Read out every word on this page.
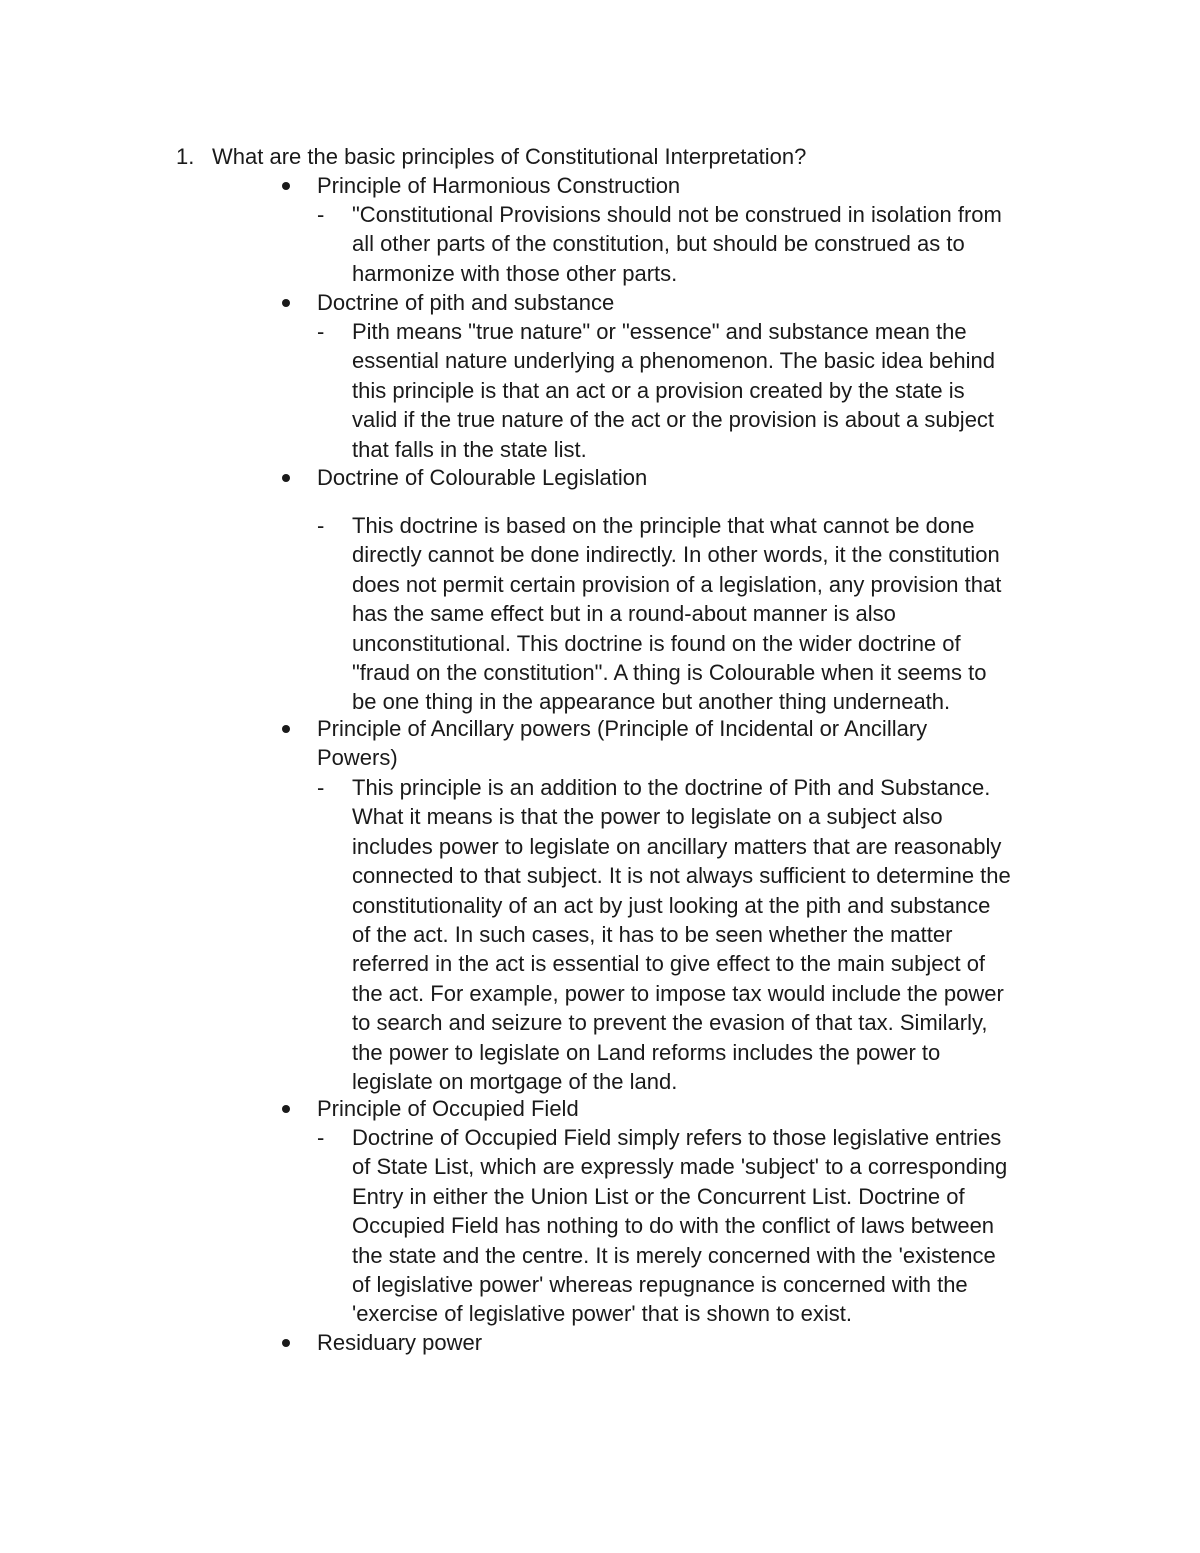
1. What are the basic principles of Constitutional Interpretation?
Principle of Harmonious Construction
- "Constitutional Provisions should not be construed in isolation from
all other parts of the constitution, but should be construed as to
harmonize with those other parts.
Doctrine of pith and substance
- Pith means "true nature" or "essence" and substance mean the
essential nature underlying a phenomenon. The basic idea behind
this principle is that an act or a provision created by the state is
valid if the true nature of the act or the provision is about a subject
that falls in the state list.
Doctrine of Colourable Legislation
- This doctrine is based on the principle that what cannot be done
directly cannot be done indirectly. In other words, it the constitution
does not permit certain provision of a legislation, any provision that
has the same effect but in a round-about manner is also
unconstitutional. This doctrine is found on the wider doctrine of
"fraud on the constitution". A thing is Colourable when it seems to
be one thing in the appearance but another thing underneath.
Principle of Ancillary powers (Principle of Incidental or Ancillary
Powers)
- This principle is an addition to the doctrine of Pith and Substance.
What it means is that the power to legislate on a subject also
includes power to legislate on ancillary matters that are reasonably
connected to that subject. It is not always sufficient to determine the
constitutionality of an act by just looking at the pith and substance
of the act. In such cases, it has to be seen whether the matter
referred in the act is essential to give effect to the main subject of
the act. For example, power to impose tax would include the power
to search and seizure to prevent the evasion of that tax. Similarly,
the power to legislate on Land reforms includes the power to
legislate on mortgage of the land.
Principle of Occupied Field
- Doctrine of Occupied Field simply refers to those legislative entries
of State List, which are expressly made 'subject' to a corresponding
Entry in either the Union List or the Concurrent List. Doctrine of
Occupied Field has nothing to do with the conflict of laws between
the state and the centre. It is merely concerned with the 'existence
of legislative power' whereas repugnance is concerned with the
'exercise of legislative power' that is shown to exist.
Residuary power
